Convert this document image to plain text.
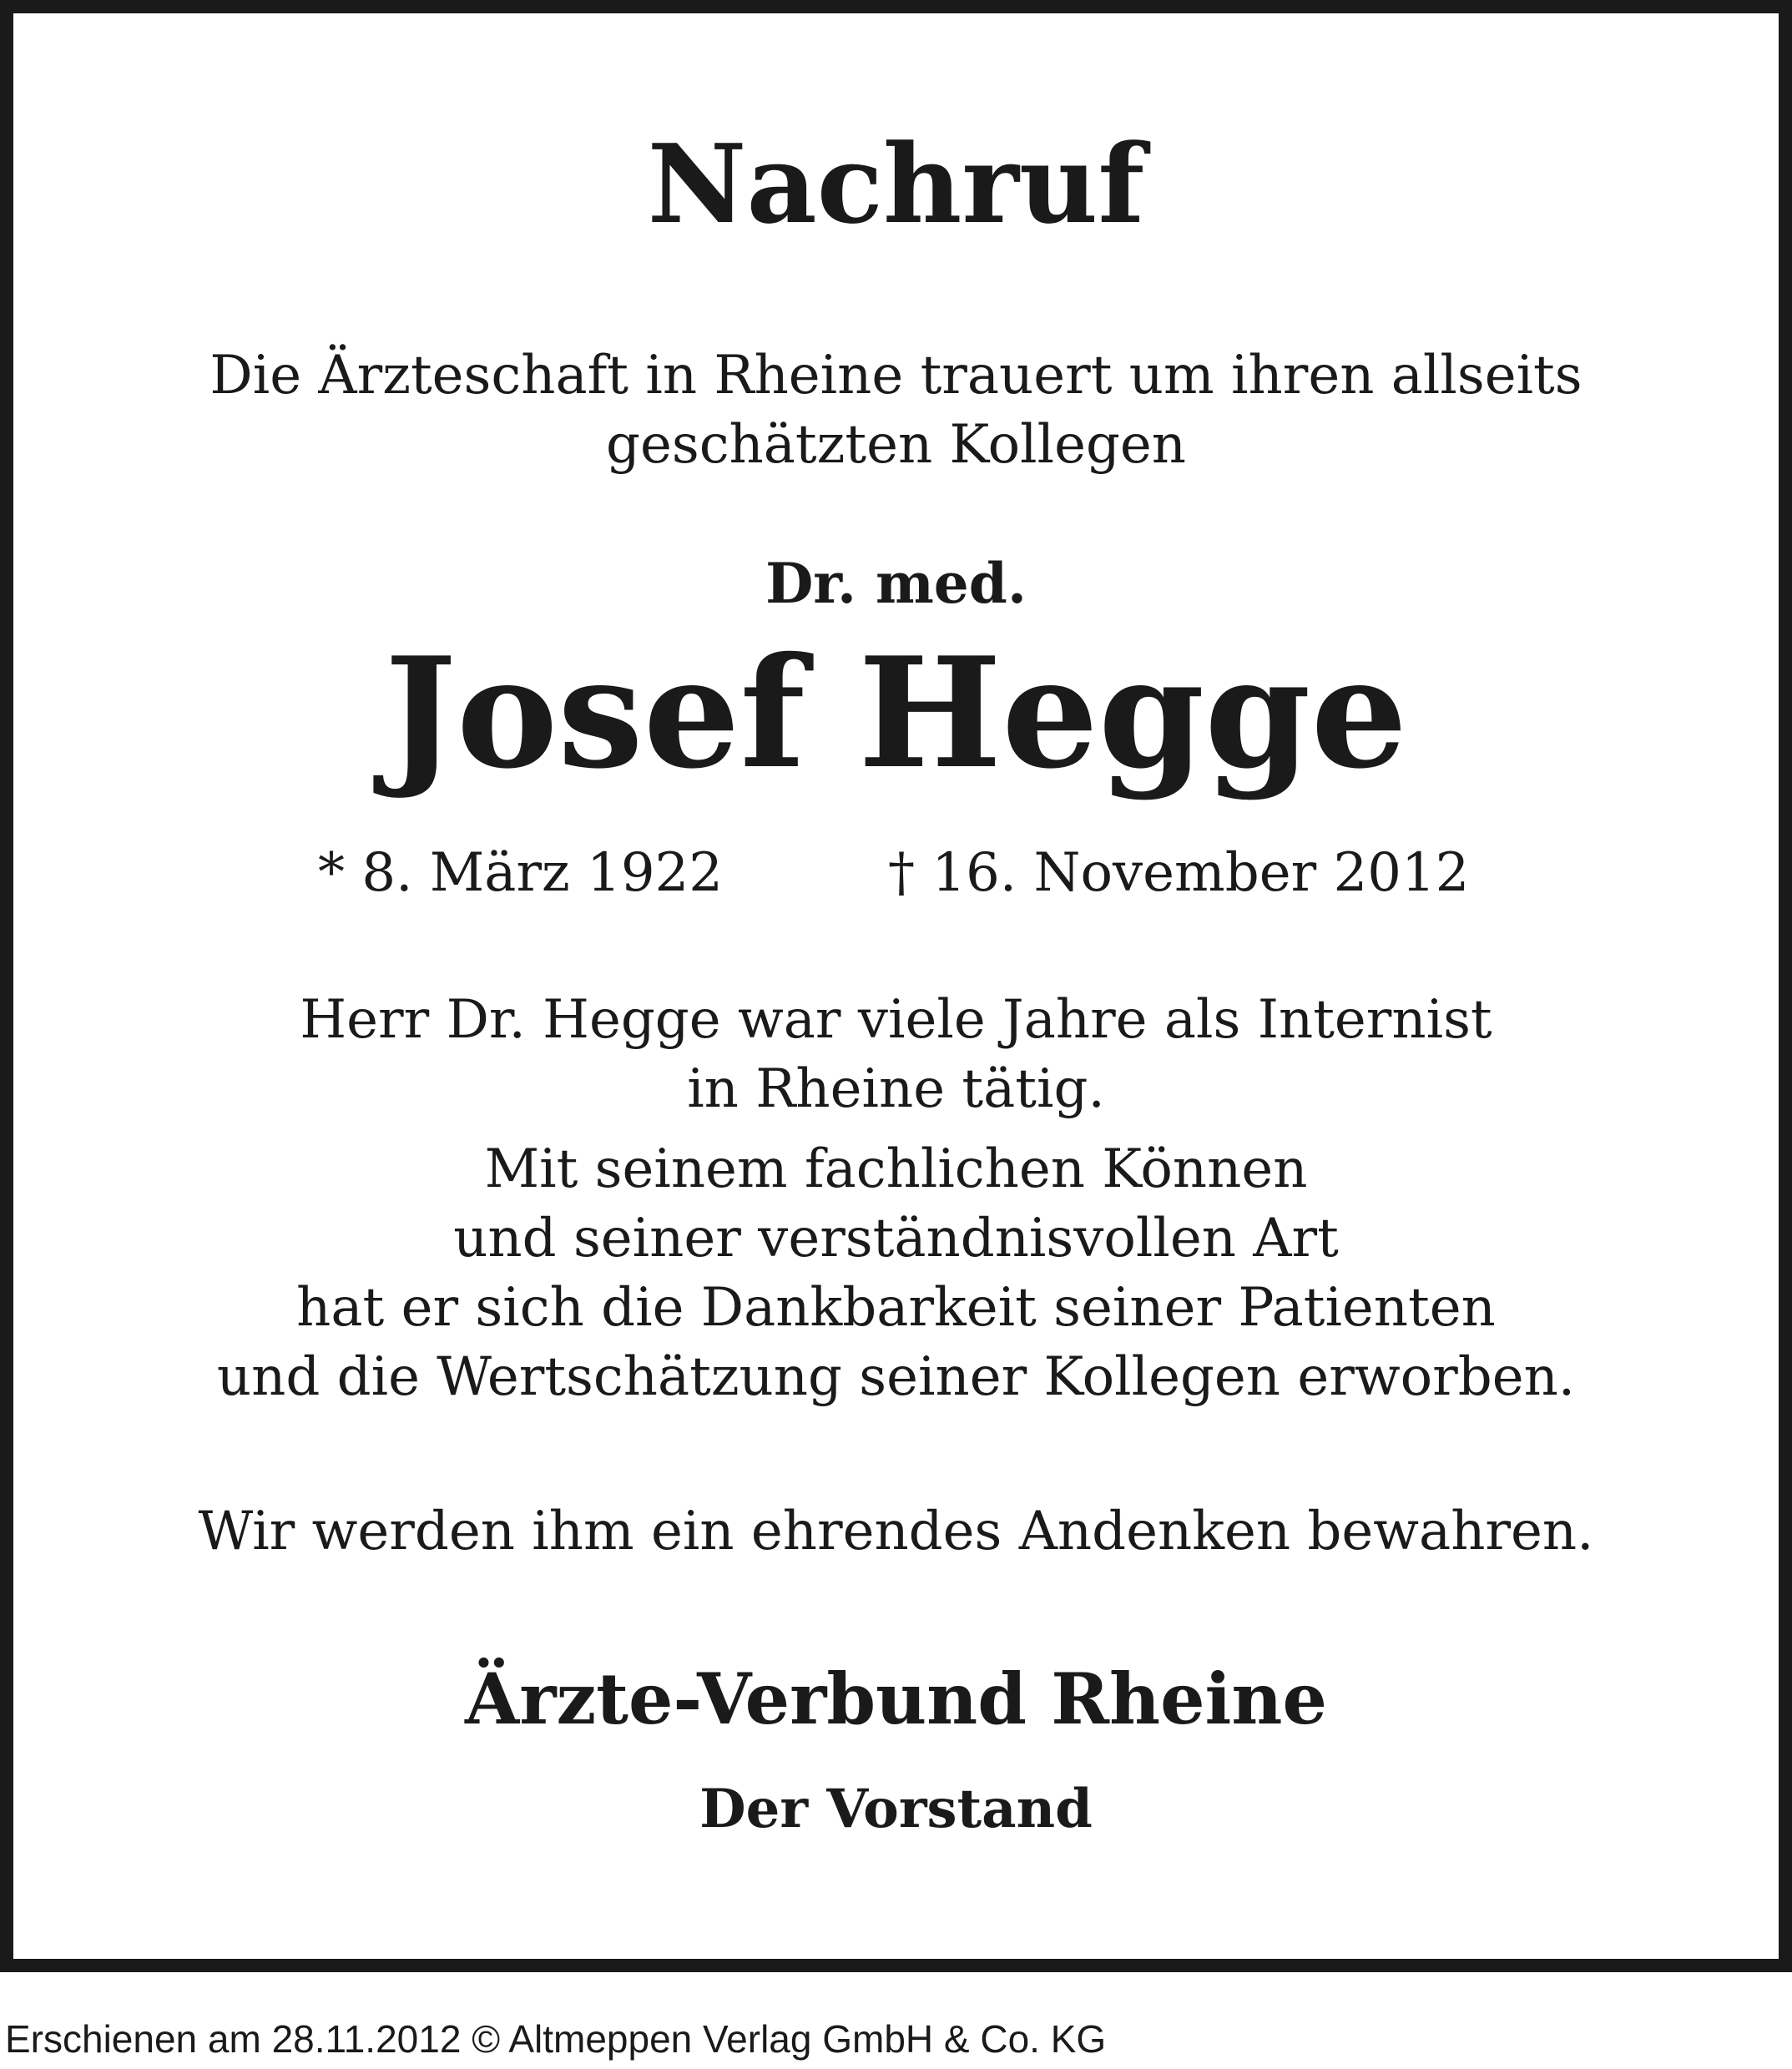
Nachruf
Die Ärzteschaft in Rheine trauert um ihren allseits
geschätzten Kollegen
Dr. med.
Josef Hegge
* 8. März 1922	† 16. November 2012
Herr Dr. Hegge war viele Jahre als Internist
in Rheine tätig.
Mit seinem fachlichen Können
und seiner verständnisvollen Art
hat er sich die Dankbarkeit seiner Patienten
und die Wertschätzung seiner Kollegen erworben.
Wir werden ihm ein ehrendes Andenken bewahren.
Ärzte-Verbund Rheine
Der Vorstand
Erschienen am 28.11.2012 © Altmeppen Verlag GmbH & Co. KG
